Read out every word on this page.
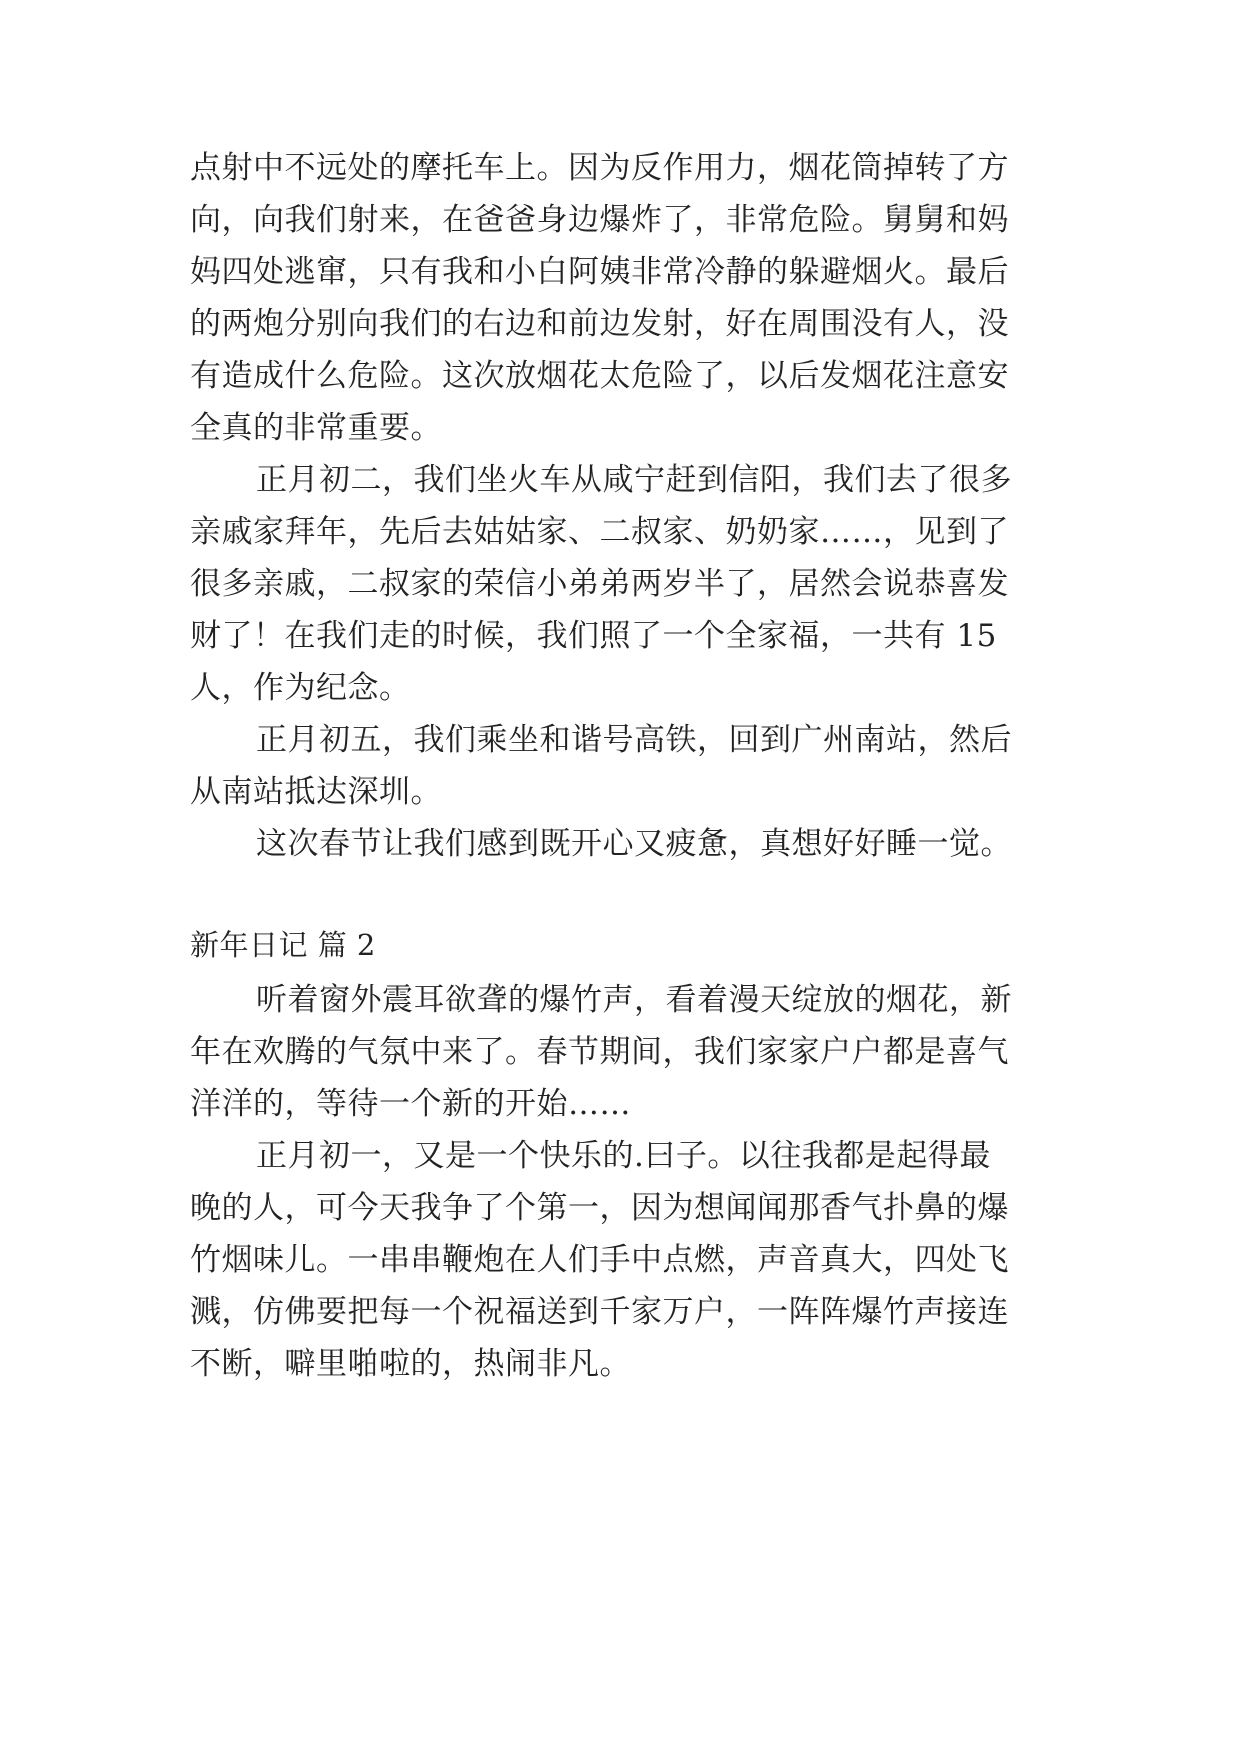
点射中不远处的摩托车上。因为反作用力，烟花筒掉转了方

向，向我们射来，在爸爸身边爆炸了，非常危险。舅舅和妈

妈四处逃窜，只有我和小白阿姨非常冷静的躲避烟火。最后

的两炮分别向我们的右边和前边发射，好在周围没有人，没

有造成什么危险。这次放烟花太危险了，以后发烟花注意安

全真的非常重要。

正月初二，我们坐火车从咸宁赶到信阳，我们去了很多

亲戚家拜年，先后去姑姑家、二叔家、奶奶家……，见到了

很多亲戚，二叔家的荣信小弟弟两岁半了，居然会说恭喜发

财了！在我们走的时候，我们照了一个全家福，一共有 15

人，作为纪念。

正月初五，我们乘坐和谐号高铁，回到广州南站，然后

从南站抵达深圳。

这次春节让我们感到既开心又疲惫，真想好好睡一觉。

新年日记 篇 2

听着窗外震耳欲聋的爆竹声，看着漫天绽放的烟花，新

年在欢腾的气氛中来了。春节期间，我们家家户户都是喜气

洋洋的，等待一个新的开始……

正月初一，又是一个快乐的.曰子。以往我都是起得最

晚的人，可今天我争了个第一，因为想闻闻那香气扑鼻的爆

竹烟味儿。一串串鞭炮在人们手中点燃，声音真大，四处飞

溅，仿佛要把每一个祝福送到千家万户，一阵阵爆竹声接连

不断，噼里啪啦的，热闹非凡。
